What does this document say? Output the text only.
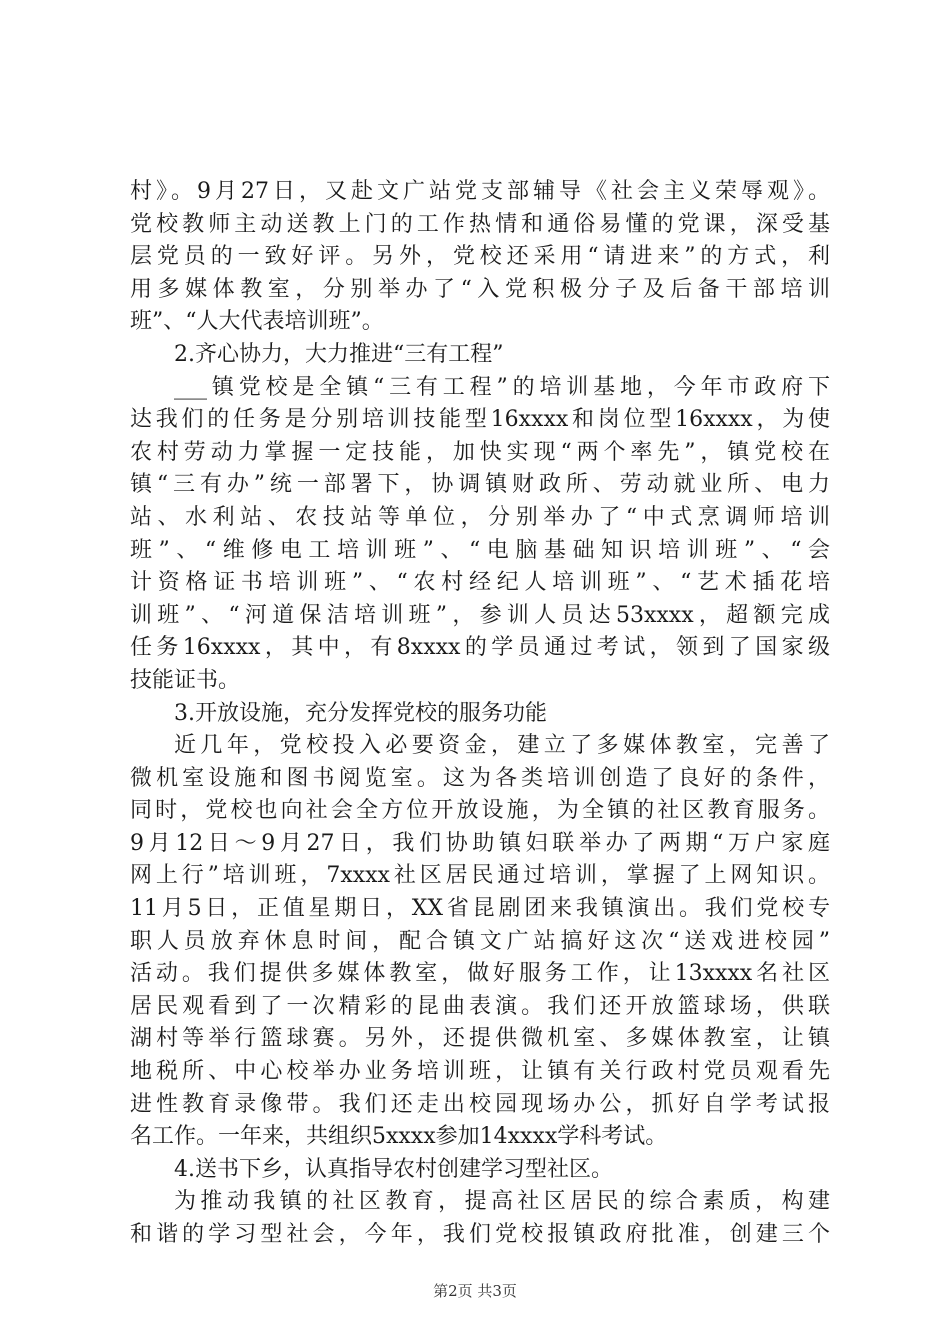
村》。9月27日，又赴文广站党支部辅导《社会主义荣辱观》。
党校教师主动送教上门的工作热情和通俗易懂的党课，深受基
层党员的一致好评。另外，党校还采用“请进来”的方式，利
用多媒体教室，分别举办了“入党积极分子及后备干部培训
班”、“人大代表培训班”。
2.齐心协力，大力推进“三有工程”
___镇党校是全镇“三有工程”的培训基地，今年市政府下
达我们的任务是分别培训技能型16xxxx和岗位型16xxxx，为使
农村劳动力掌握一定技能，加快实现“两个率先”，镇党校在
镇“三有办”统一部署下，协调镇财政所、劳动就业所、电力
站、水利站、农技站等单位，分别举办了“中式烹调师培训
班”、“维修电工培训班”、“电脑基础知识培训班”、“会
计资格证书培训班”、“农村经纪人培训班”、“艺术插花培
训班”、“河道保洁培训班”，参训人员达53xxxx，超额完成
任务16xxxx，其中，有8xxxx的学员通过考试，领到了国家级
技能证书。
3.开放设施，充分发挥党校的服务功能
近几年，党校投入必要资金，建立了多媒体教室，完善了
微机室设施和图书阅览室。这为各类培训创造了良好的条件，
同时，党校也向社会全方位开放设施，为全镇的社区教育服务。
9月12日～9月27日，我们协助镇妇联举办了两期“万户家庭
网上行”培训班，7xxxx社区居民通过培训，掌握了上网知识。
11月5日，正值星期日，XX省昆剧团来我镇演出。我们党校专
职人员放弃休息时间，配合镇文广站搞好这次“送戏进校园”
活动。我们提供多媒体教室，做好服务工作，让13xxxx名社区
居民观看到了一次精彩的昆曲表演。我们还开放篮球场，供联
湖村等举行篮球赛。另外，还提供微机室、多媒体教室，让镇
地税所、中心校举办业务培训班，让镇有关行政村党员观看先
进性教育录像带。我们还走出校园现场办公，抓好自学考试报
名工作。一年来，共组织5xxxx参加14xxxx学科考试。
4.送书下乡，认真指导农村创建学习型社区。
为推动我镇的社区教育，提高社区居民的综合素质，构建
和谐的学习型社会，今年，我们党校报镇政府批准，创建三个
第2页 共3页
